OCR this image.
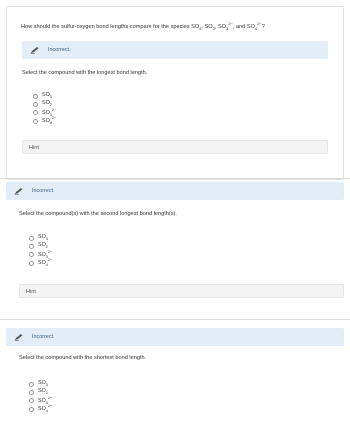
How should the sulfur-oxygen bond lengths compare for the species $SO_3$, $SO_2$, $SO_3^{2-}$, and $SO_4^{2-}$?
Incorrect.
Select the compound with the longest bond length.
$SO_3$
$SO_2$
$SO_3^{2-}$
$SO_4^{2-}$
Hint
Incorrect.
Select the compound(s) with the second longest bond length(s).
$SO_3$
$SO_2$
$SO_3^{2-}$
$SO_4^{2-}$
Hint
Incorrect.
Select the compound with the shortest bond length.
$SO_3$
$SO_2$
$SO_3^{2-}$
$SO_4^{2-}$
